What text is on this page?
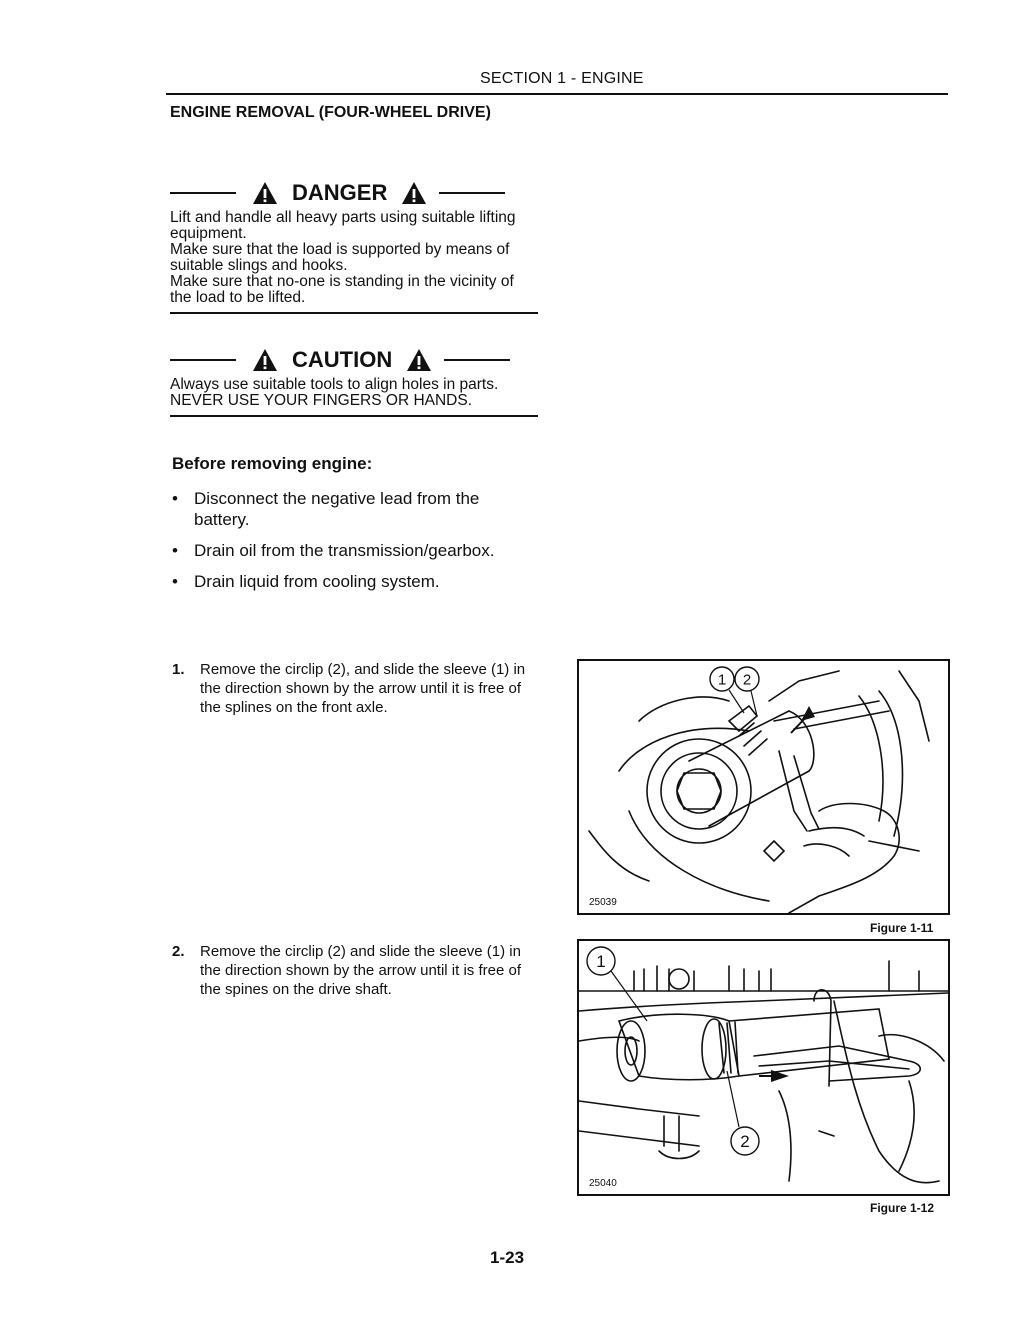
SECTION 1 - ENGINE
ENGINE REMOVAL (FOUR-WHEEL DRIVE)
DANGER
Lift and handle all heavy parts using suitable lifting equipment.
Make sure that the load is supported by means of suitable slings and hooks.
Make sure that no-one is standing in the vicinity of the load to be lifted.
CAUTION
Always use suitable tools to align holes in parts.
NEVER USE YOUR FINGERS OR HANDS.
Before removing engine:
• Disconnect the negative lead from the battery.
• Drain oil from the transmission/gearbox.
• Drain liquid from cooling system.
1.	Remove the circlip (2), and slide the sleeve (1) in the direction shown by the arrow until it is free of the splines on the front axle.
1 2
25039
Figure 1-11
2.	Remove the circlip (2) and slide the sleeve (1) in the direction shown by the arrow until it is free of the spines on the drive shaft.
1
2
25040
Figure 1-12
1-23
